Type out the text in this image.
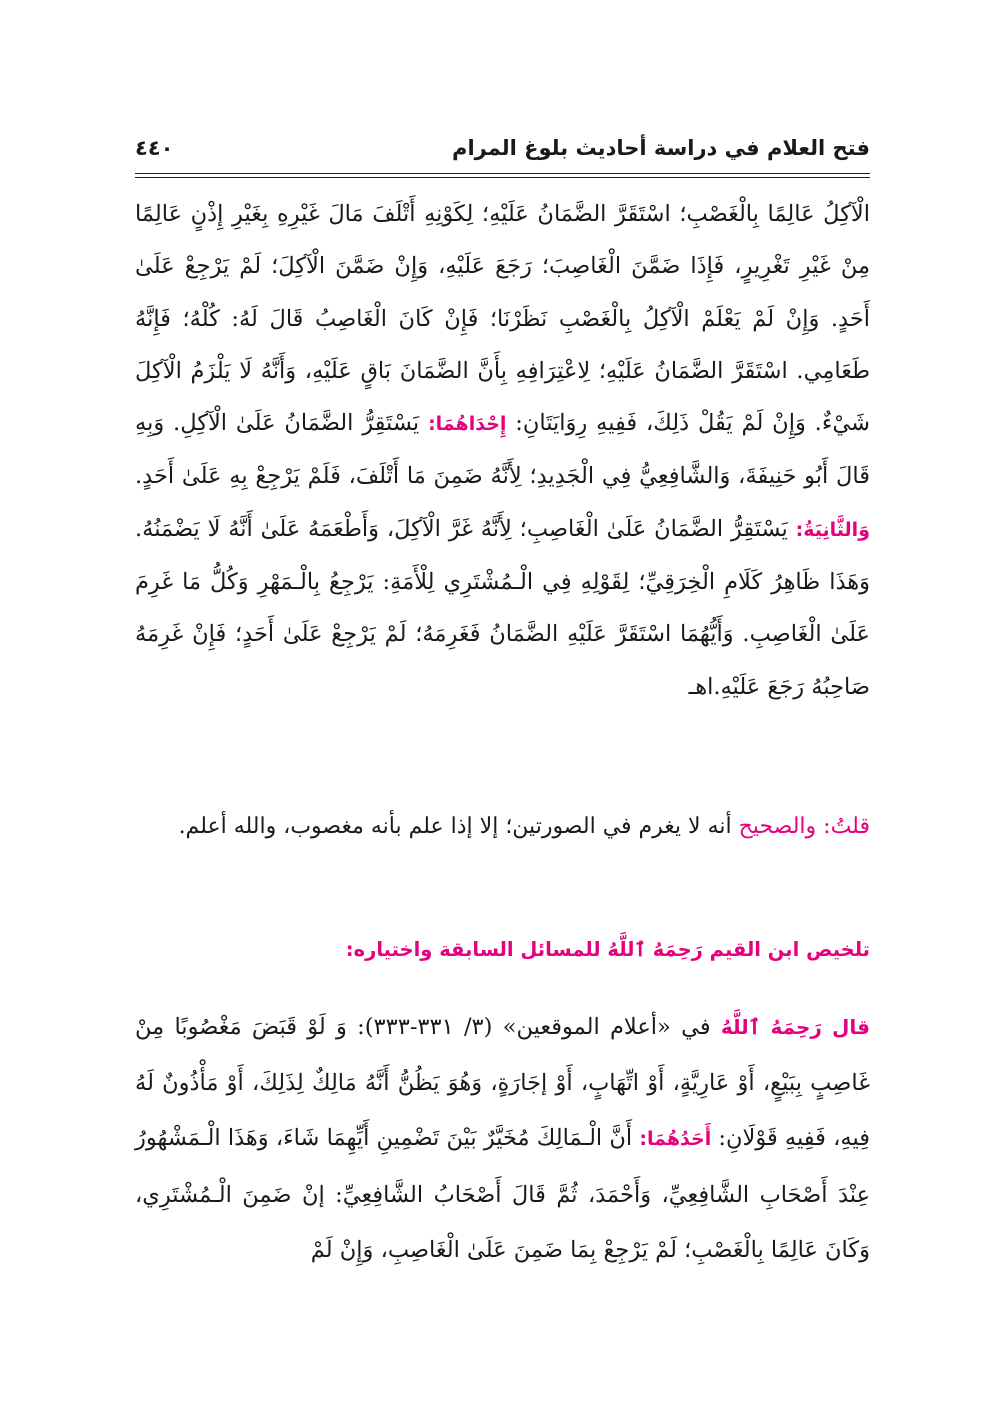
فتح العلام في دراسة أحاديث بلوغ المرام
٤٤٠

الْآكِلُ عَالِمًا بِالْغَصْبِ؛ اسْتَقَرَّ الضَّمَانُ عَلَيْهِ؛ لِكَوْنِهِ أَتْلَفَ مَالَ غَيْرِهِ بِغَيْرِ إِذْنٍ عَالِمًا مِنْ غَيْرِ تَغْرِيرٍ، فَإِذَا ضَمَّنَ الْغَاصِبَ؛ رَجَعَ عَلَيْهِ، وَإِنْ ضَمَّنَ الْآكِلَ؛ لَمْ يَرْجِعْ عَلَىٰ أَحَدٍ. وَإِنْ لَمْ يَعْلَمْ الْآكِلُ بِالْغَصْبِ نَظَرْنَا؛ فَإِنْ كَانَ الْغَاصِبُ قَالَ لَهُ: كُلْهُ؛ فَإِنَّهُ طَعَامِي. اسْتَقَرَّ الضَّمَانُ عَلَيْهِ؛ لِاعْتِرَافِهِ بِأَنَّ الضَّمَانَ بَاقٍ عَلَيْهِ، وَأَنَّهُ لَا يَلْزَمُ الْآكِلَ شَيْءٌ. وَإِنْ لَمْ يَقُلْ ذَلِكَ، فَفِيهِ رِوَايَتَانِ: إِحْدَاهُمَا: يَسْتَقِرُّ الضَّمَانُ عَلَىٰ الْآكِلِ. وَبِهِ قَالَ أَبُو حَنِيفَةَ، وَالشَّافِعِيُّ فِي الْجَدِيدِ؛ لِأَنَّهُ ضَمِنَ مَا أَتْلَفَ، فَلَمْ يَرْجِعْ بِهِ عَلَىٰ أَحَدٍ. وَالثَّانِيَةُ: يَسْتَقِرُّ الضَّمَانُ عَلَىٰ الْغَاصِبِ؛ لِأَنَّهُ غَرَّ الْآكِلَ، وَأَطْعَمَهُ عَلَىٰ أَنَّهُ لَا يَضْمَنُهُ. وَهَذَا ظَاهِرُ كَلَامِ الْخِرَقِيِّ؛ لِقَوْلِهِ فِي الْـمُشْتَرِي لِلْأَمَةِ: يَرْجِعُ بِالْـمَهْرِ وَكُلُّ مَا غَرِمَ عَلَىٰ الْغَاصِبِ. وَأَيُّهُمَا اسْتَقَرَّ عَلَيْهِ الضَّمَانُ فَغَرِمَهُ؛ لَمْ يَرْجِعْ عَلَىٰ أَحَدٍ؛ فَإِنْ غَرِمَهُ صَاحِبُهُ رَجَعَ عَلَيْهِ.اهـ

قلتُ: والصحيح أنه لا يغرم في الصورتين؛ إلا إذا علم بأنه مغصوب، والله أعلم.

تلخيص ابن القيم رَحِمَهُ ٱللَّهُ للمسائل السابقة واختياره:

قال رَحِمَهُ ٱللَّهُ في «أعلام الموقعين» (٣/ ٣٣١-٣٣٣): وَ لَوْ قَبَضَ مَغْصُوبًا مِنْ غَاصِبٍ بِبَيْعٍ، أَوْ عَارِيَّةٍ، أَوْ اتِّهَابٍ، أَوْ إجَارَةٍ، وَهُوَ يَظُنُّ أَنَّهُ مَالِكٌ لِذَلِكَ، أَوْ مَأْذُونٌ لَهُ فِيهِ، فَفِيهِ قَوْلَانِ: أَحَدُهُمَا: أَنَّ الْـمَالِكَ مُخَيَّرٌ بَيْنَ تَضْمِينِ أَيِّهِمَا شَاءَ، وَهَذَا الْـمَشْهُورُ عِنْدَ أَصْحَابِ الشَّافِعِيِّ، وَأَحْمَدَ، ثُمَّ قَالَ أَصْحَابُ الشَّافِعِيِّ: إنْ ضَمِنَ الْـمُشْتَرِي، وَكَانَ عَالِمًا بِالْغَصْبِ؛ لَمْ يَرْجِعْ بِمَا ضَمِنَ عَلَىٰ الْغَاصِبِ، وَإِنْ لَمْ
